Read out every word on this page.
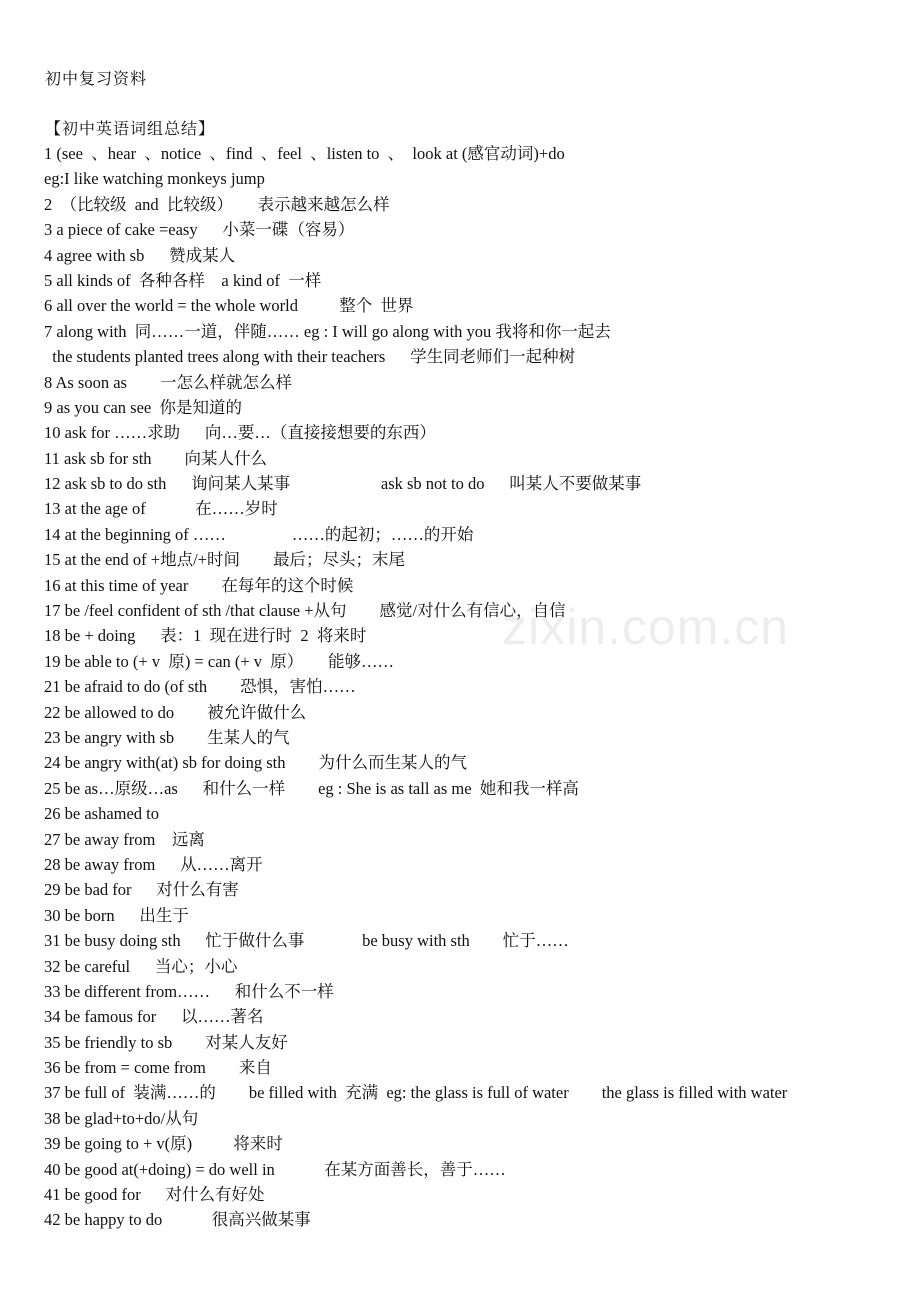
初中复习资料
【初中英语词组总结】
1 (see  、hear  、notice  、find  、feel  、listen to  、  look at (感官动词)+do
eg:I like watching monkeys jump
2  （比较级  and  比较级）      表示越来越怎么样
3 a piece of cake =easy      小菜一碟（容易）
4 agree with sb      赞成某人
5 all kinds of  各种各样    a kind of  一样
6 all over the world = the whole world          整个  世界
7 along with  同……一道，伴随…… eg : I will go along with you 我将和你一起去
the students planted trees along with their teachers      学生同老师们一起种树
8 As soon as        一怎么样就怎么样
9 as you can see  你是知道的
10 ask for ……求助      向…要…（直接接想要的东西）
11 ask sb for sth        向某人什么
12 ask sb to do sth      询问某人某事                      ask sb not to do      叫某人不要做某事
13 at the age of            在……岁时
14 at the beginning of ……                ……的起初；……的开始
15 at the end of +地点/+时间        最后；尽头；末尾
16 at this time of year        在每年的这个时候
17 be /feel confident of sth /that clause +从句        感觉/对什么有信心，自信
18 be + doing      表：1  现在进行时  2  将来时
19 be able to (+ v  原) = can (+ v  原）      能够……
21 be afraid to do (of sth        恐惧，害怕……
22 be allowed to do        被允许做什么
23 be angry with sb        生某人的气
24 be angry with(at) sb for doing sth        为什么而生某人的气
25 be as…原级…as      和什么一样        eg : She is as tall as me  她和我一样高
26 be ashamed to
27 be away from    远离
28 be away from      从……离开
29 be bad for      对什么有害
30 be born      出生于
31 be busy doing sth      忙于做什么事              be busy with sth        忙于……
32 be careful      当心；小心
33 be different from……      和什么不一样
34 be famous for      以……著名
35 be friendly to sb        对某人友好
36 be from = come from        来自
37 be full of  装满……的        be filled with  充满  eg: the glass is full of water        the glass is filled with water
38 be glad+to+do/从句
39 be going to + v(原)          将来时
40 be good at(+doing) = do well in            在某方面善长，善于……
41 be good for      对什么有好处
42 be happy to do            很高兴做某事
zixin.com.cn
